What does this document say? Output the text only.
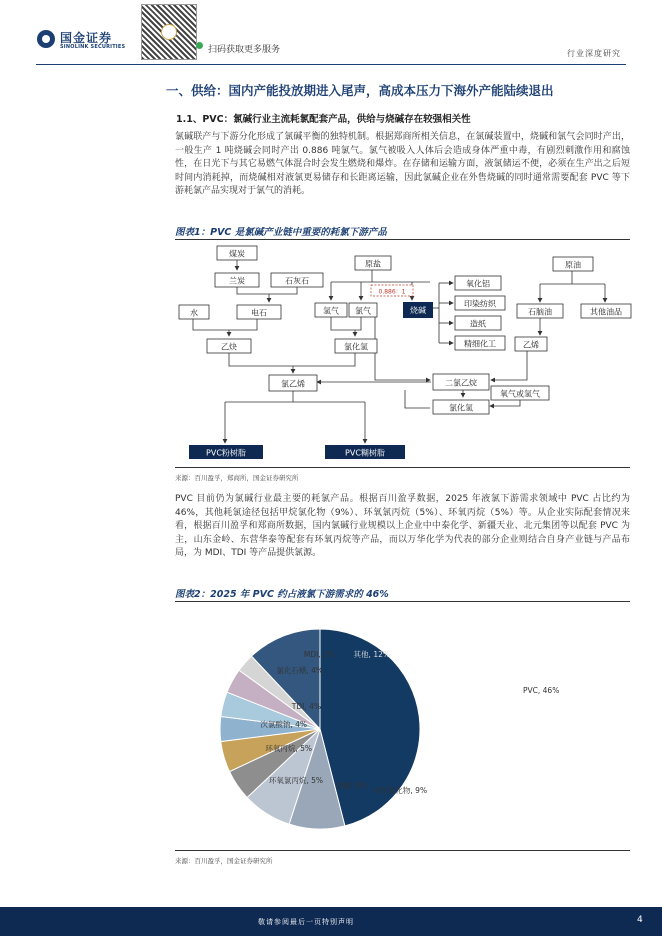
国金证券
SINOLINK SECURITIES	扫码获取更多服务	行业深度研究
一、供给：国内产能投放期进入尾声，高成本压力下海外产能陆续退出
1.1、PVC：氯碱行业主流耗氯配套产品，供给与烧碱存在较强相关性
氯碱联产与下游分化形成了氯碱平衡的独特机制。根据郑商所相关信息，在氯碱装置中，烧碱和氯气会同时产出，一般生产 1 吨烧碱会同时产出 0.886 吨氯气。氯气被吸入人体后会造成身体严重中毒，有剧烈刺激作用和腐蚀性，在日光下与其它易燃气体混合时会发生燃烧和爆炸。在存储和运输方面，液氯储运不便，必须在生产出之后短时间内消耗掉，而烧碱相对液氯更易储存和长距离运输，因此氯碱企业在外售烧碱的同时通常需要配套 PVC 等下游耗氯产品实现对于氯气的消耗。
图表1：PVC 是氯碱产业链中重要的耗氯下游产品
煤炭
兰炭	石灰石
水	电石
乙炔
原盐
氢气 氯气
氯化氢
氧化铝
印染纺织
造纸
精细化工
原油
石脑油	其他油品
乙烯
二氯乙烷
氧气或氢气
氯化氢
氯乙烯
烧碱
PVC粉树脂	PVC糊树脂
0.886：1
来源：百川盈孚，郑商所，国金证券研究所
PVC 目前仍为氯碱行业最主要的耗氯产品。根据百川盈孚数据，2025 年液氯下游需求领域中 PVC 占比约为 46%，其他耗氯途径包括甲烷氯化物（9%）、环氧氯丙烷（5%）、环氧丙烷（5%）等。从企业实际配套情况来看，根据百川盈孚和郑商所数据，国内氯碱行业规模以上企业中中泰化学、新疆天业、北元集团等以配套 PVC 为主，山东金岭、东营华泰等配套有环氧丙烷等产品，而以万华化学为代表的部分企业则结合自身产业链与产品布局，为 MDI、TDI 等产品提供氯源。
图表2：2025 年 PVC 约占液氯下游需求的 46%
PVC, 46%
甲烷氯化物, 9%
盐酸, 8%
环氧氯丙烷, 5%
环氧丙烷, 5%
次氯酸钠, 4%
TDI, 4%
氯化石蜡, 4%
MDI, 3% 其他, 12%
来源：百川盈孚，国金证券研究所
敬请参阅最后一页特别声明	4
